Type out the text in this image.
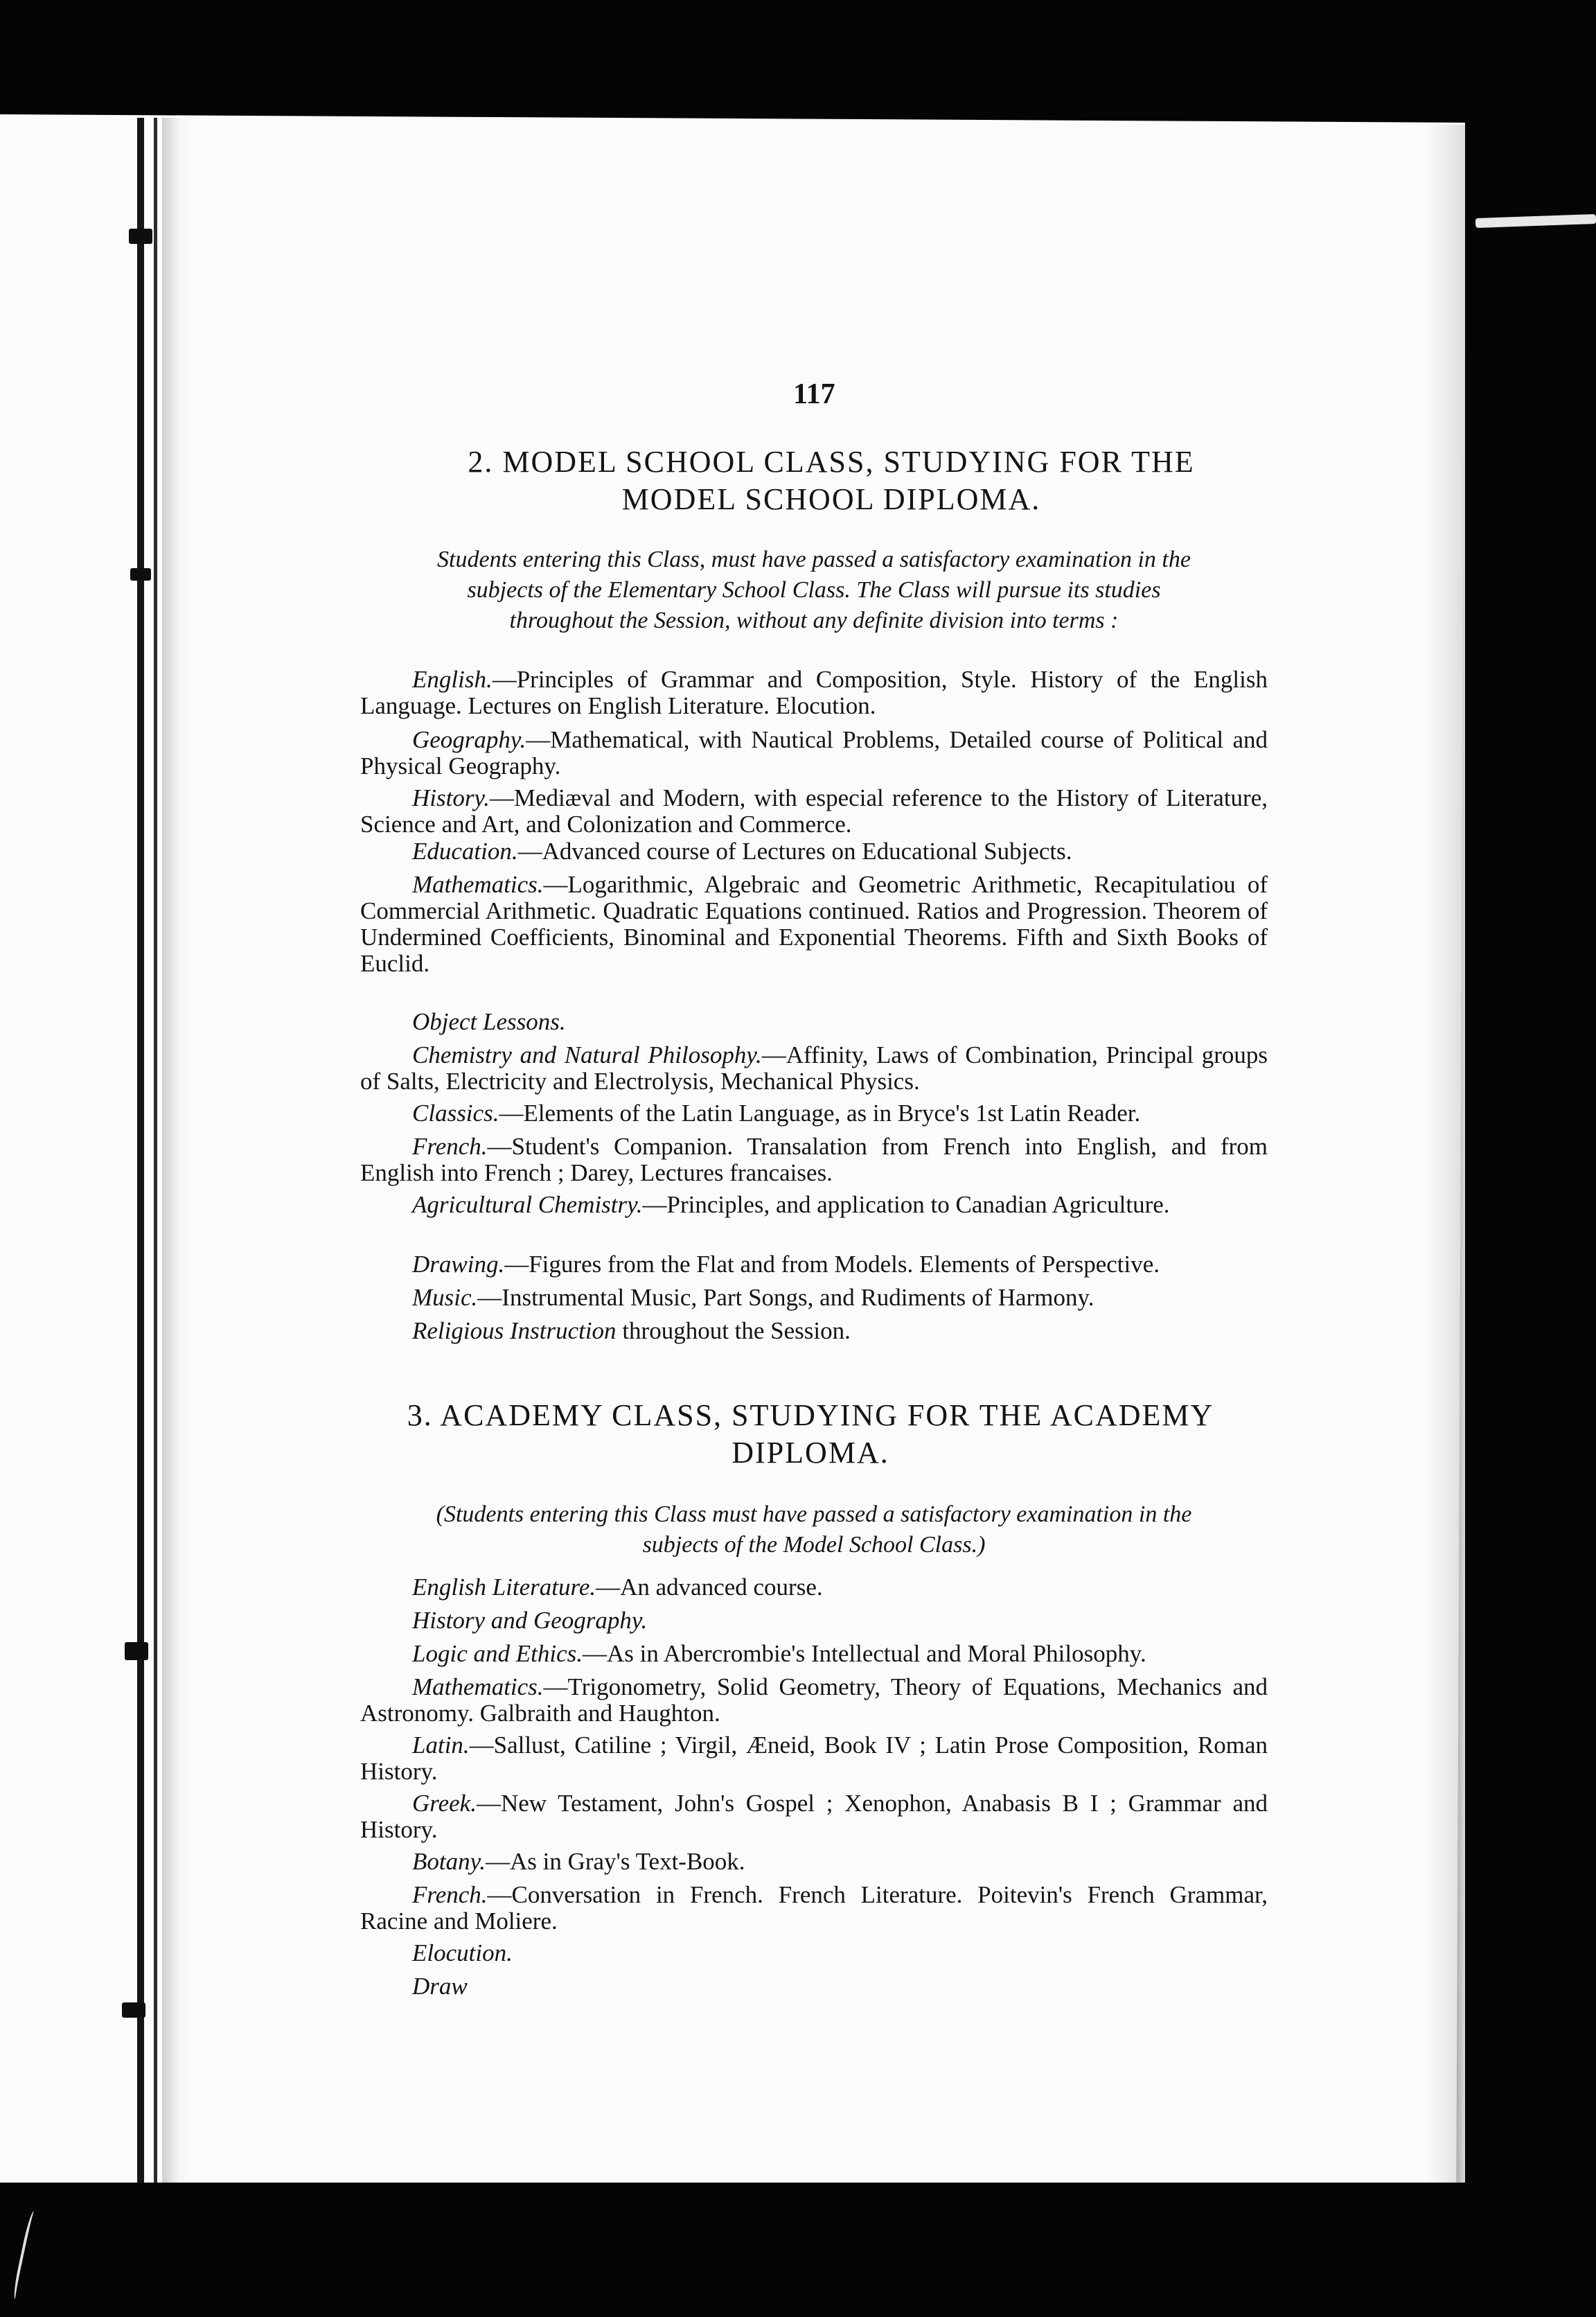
117
2. MODEL SCHOOL CLASS, STUDYING FOR THE
MODEL SCHOOL DIPLOMA.
Students entering this Class, must have passed a satisfactory examination in the
subjects of the Elementary School Class. The Class will pursue its studies
throughout the Session, without any definite division into terms :
English.—Principles of Grammar and Composition, Style. History of the English Language. Lectures on English Literature. Elocution.
Geography.—Mathematical, with Nautical Problems, Detailed course of Political and Physical Geography.
History.—Mediæval and Modern, with especial reference to the History of Literature, Science and Art, and Colonization and Commerce.
Education.—Advanced course of Lectures on Educational Subjects.
Mathematics.—Logarithmic, Algebraic and Geometric Arithmetic, Recapitulatiou of Commercial Arithmetic. Quadratic Equations continued. Ratios and Progression. Theorem of Undermined Coefficients, Binominal and Exponential Theorems. Fifth and Sixth Books of Euclid.
Object Lessons.
Chemistry and Natural Philosophy.—Affinity, Laws of Combination, Principal groups of Salts, Electricity and Electrolysis, Mechanical Physics.
Classics.—Elements of the Latin Language, as in Bryce's 1st Latin Reader.
French.—Student's Companion. Transalation from French into English, and from English into French ; Darey, Lectures francaises.
Agricultural Chemistry.—Principles, and application to Canadian Agriculture.
Drawing.—Figures from the Flat and from Models. Elements of Perspective.
Music.—Instrumental Music, Part Songs, and Rudiments of Harmony.
Religious Instruction throughout the Session.
3. ACADEMY CLASS, STUDYING FOR THE ACADEMY
DIPLOMA.
(Students entering this Class must have passed a satisfactory examination in the
subjects of the Model School Class.)
English Literature.—An advanced course.
History and Geography.
Logic and Ethics.—As in Abercrombie's Intellectual and Moral Philosophy.
Mathematics.—Trigonometry, Solid Geometry, Theory of Equations, Mechanics and Astronomy. Galbraith and Haughton.
Latin.—Sallust, Catiline ; Virgil, Æneid, Book IV ; Latin Prose Composition, Roman History.
Greek.—New Testament, John's Gospel ; Xenophon, Anabasis B I ; Grammar and History.
Botany.—As in Gray's Text-Book.
French.—Conversation in French. French Literature. Poitevin's French Grammar, Racine and Moliere.
Elocution.
Draw
